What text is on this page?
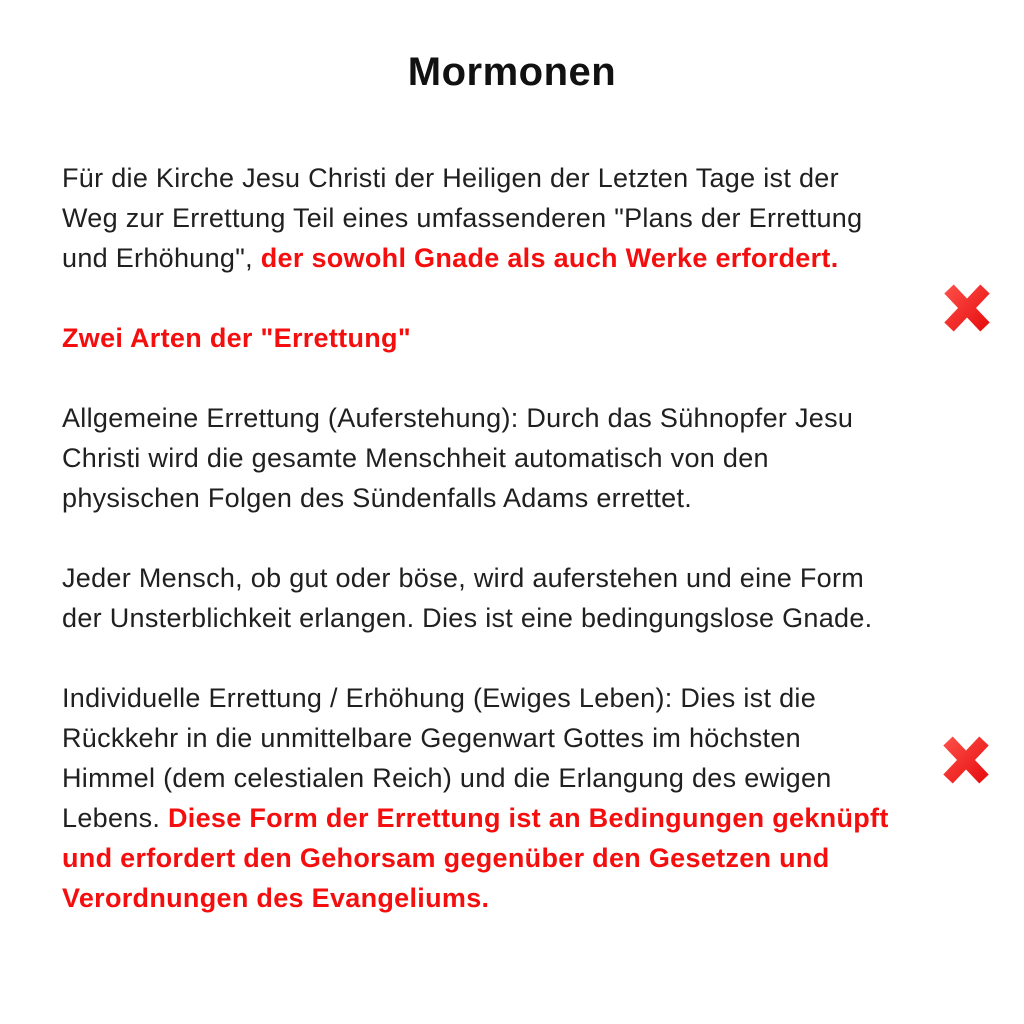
Mormonen
Für die Kirche Jesu Christi der Heiligen der Letzten Tage ist der
Weg zur Errettung Teil eines umfassenderen "Plans der Errettung
und Erhöhung", der sowohl Gnade als auch Werke erfordert.
Zwei Arten der "Errettung"
Allgemeine Errettung (Auferstehung): Durch das Sühnopfer Jesu
Christi wird die gesamte Menschheit automatisch von den
physischen Folgen des Sündenfalls Adams errettet.
Jeder Mensch, ob gut oder böse, wird auferstehen und eine Form
der Unsterblichkeit erlangen. Dies ist eine bedingungslose Gnade.
Individuelle Errettung / Erhöhung (Ewiges Leben): Dies ist die
Rückkehr in die unmittelbare Gegenwart Gottes im höchsten
Himmel (dem celestialen Reich) und die Erlangung des ewigen
Lebens. Diese Form der Errettung ist an Bedingungen geknüpft
und erfordert den Gehorsam gegenüber den Gesetzen und
Verordnungen des Evangeliums.
